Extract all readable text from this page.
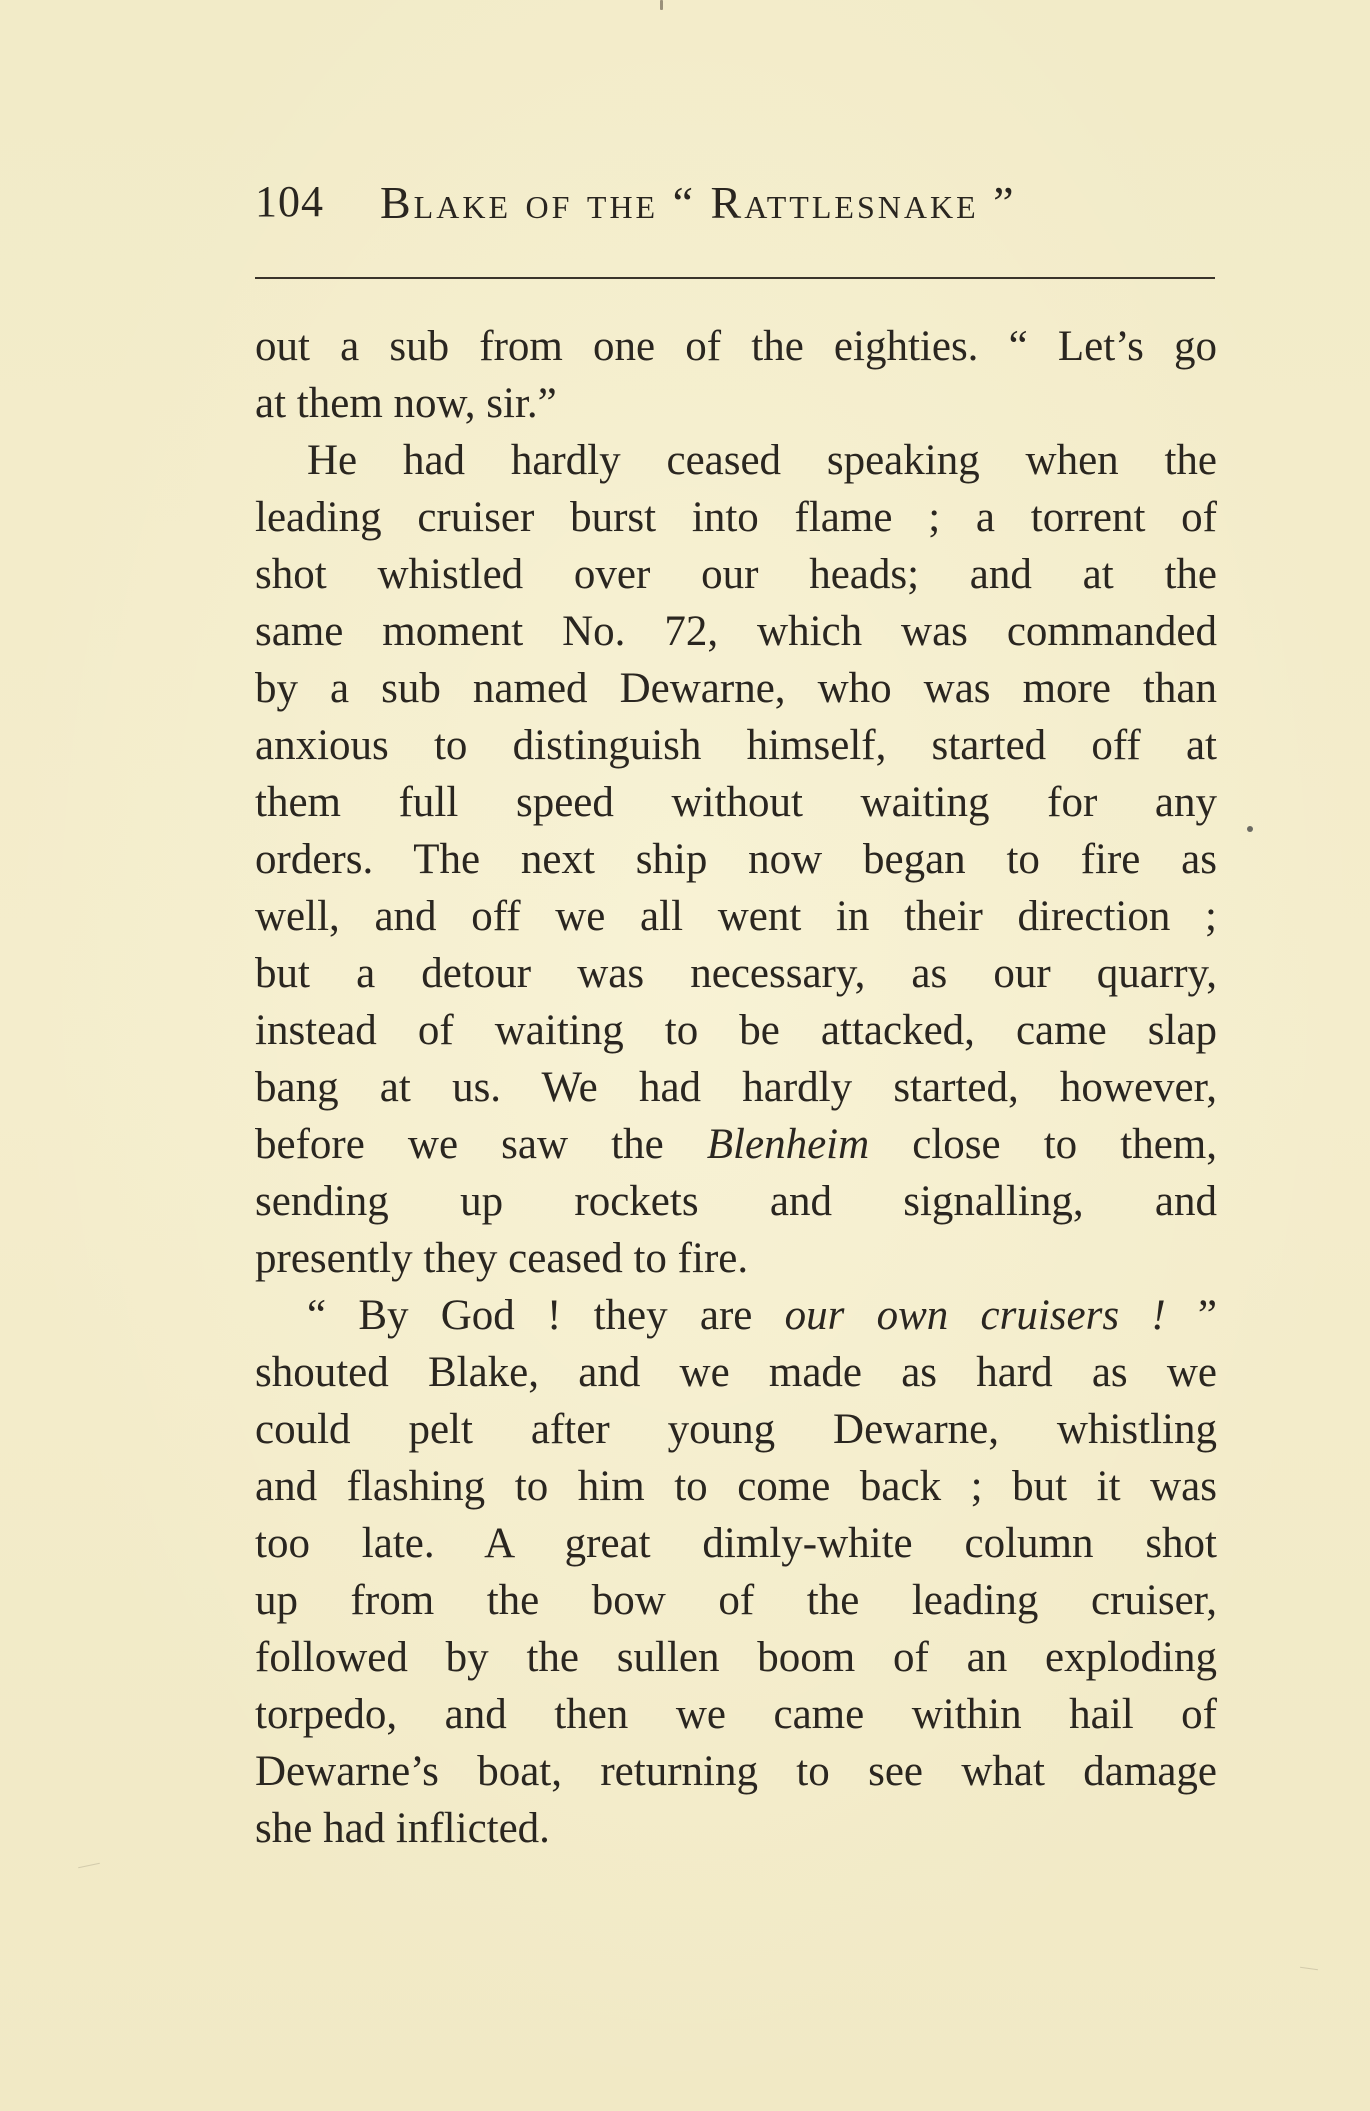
104 Blake of the “ Rattlesnake ”
out a sub from one of the eighties. “ Let’s go
at them now, sir.”
He had hardly ceased speaking when the
leading cruiser burst into flame ; a torrent of
shot whistled over our heads; and at the
same moment No. 72, which was commanded
by a sub named Dewarne, who was more than
anxious to distinguish himself, started off at
them full speed without waiting for any
orders. The next ship now began to fire as
well, and off we all went in their direction ;
but a detour was necessary, as our quarry,
instead of waiting to be attacked, came slap
bang at us. We had hardly started, however,
before we saw the Blenheim close to them,
sending up rockets and signalling, and
presently they ceased to fire.
“ By God ! they are our own cruisers ! ”
shouted Blake, and we made as hard as we
could pelt after young Dewarne, whistling
and flashing to him to come back ; but it was
too late. A great dimly-white column shot
up from the bow of the leading cruiser,
followed by the sullen boom of an exploding
torpedo, and then we came within hail of
Dewarne’s boat, returning to see what damage
she had inflicted.
